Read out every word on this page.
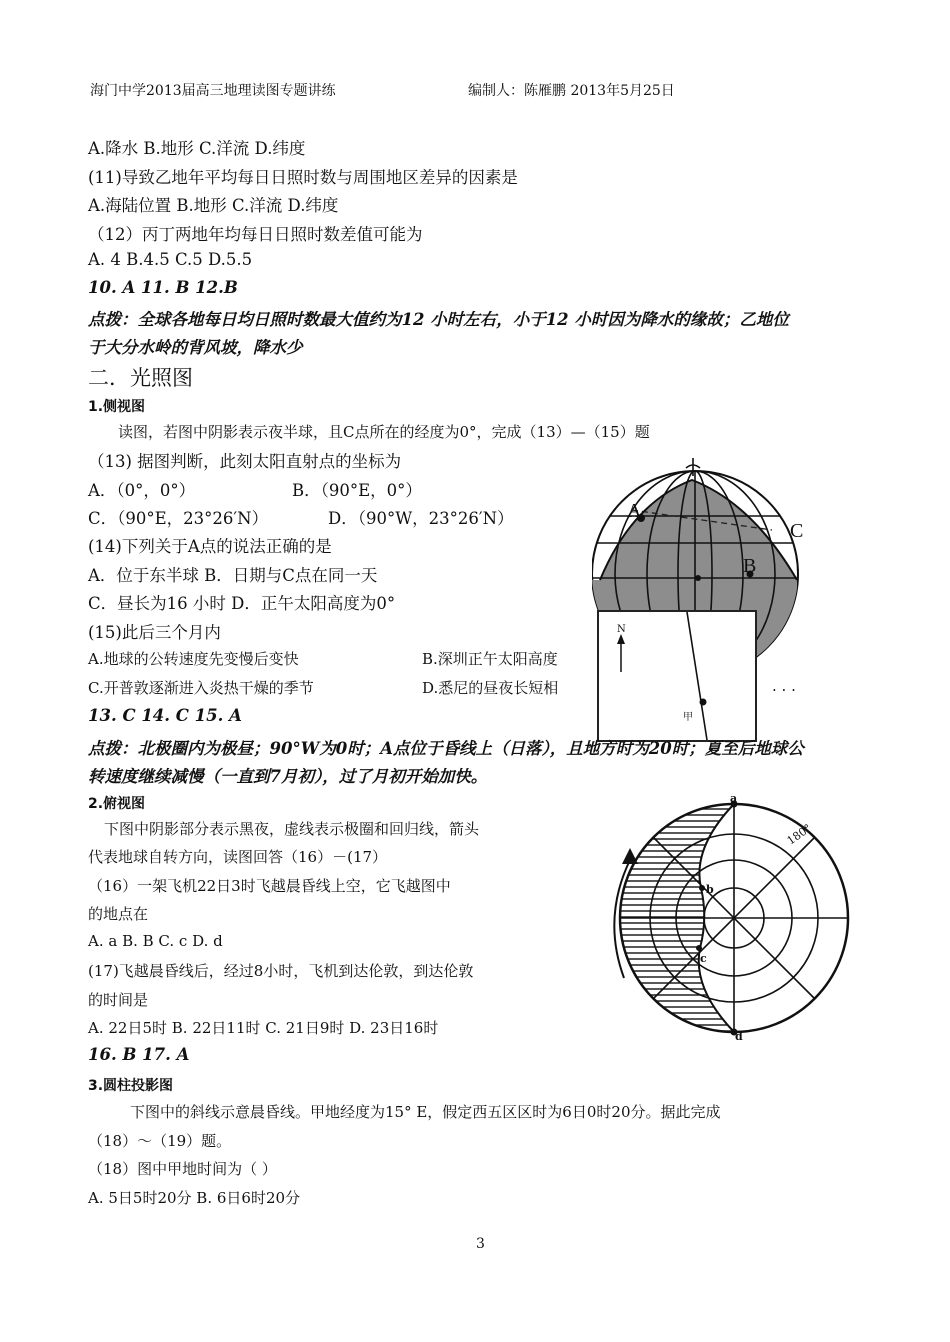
海门中学2013届高三地理读图专题讲练	编制人：陈雁鹏 2013年5月25日
A.降水 B.地形 C.洋流 D.纬度
(11)导致乙地年平均每日日照时数与周围地区差异的因素是
A.海陆位置 B.地形 C.洋流 D.纬度
（12）丙丁两地年均每日日照时数差值可能为
A. 4 B.4.5 C.5 D.5.5
10. A 11. B 12.B
点拨：全球各地每日均日照时数最大值约为12 小时左右，小于12 小时因为降水的缘故；乙地位
于大分水岭的背风坡，降水少
二．光照图
1.侧视图
读图，若图中阴影表示夜半球，且C点所在的经度为0°，完成（13）—（15）题
（13) 据图判断，此刻太阳直射点的坐标为
A．（0°，0°）	B．（90°E，0°）
C．（90°E，23°26′N）	D．（90°W，23°26′N）
(14)下列关于A点的说法正确的是
A．位于东半球 B．日期与C点在同一天
C．昼长为16 小时 D．正午太阳高度为0°
(15)此后三个月内
A.地球的公转速度先变慢后变快	B.深圳正午太阳高度
C.开普敦逐渐进入炎热干燥的季节	D.悉尼的昼夜长短相	. . .
A
C
B
N
甲
13. C 14. C 15. A
点拨：北极圈内为极昼；90°W为0时；A点位于昏线上（日落），且地方时为20时；夏至后地球公
转速度继续减慢（一直到7月初），过了月初开始加快。
2.俯视图
下图中阴影部分表示黑夜，虚线表示极圈和回归线，箭头
代表地球自转方向，读图回答（16）－(17）
（16）一架飞机22日3时飞越晨昏线上空，它飞越图中
的地点在
A. a B. B C. c D. d
(17)飞越晨昏线后，经过8小时，飞机到达伦敦，到达伦敦
的时间是
A. 22日5时 B. 22日11时 C. 21日9时 D. 23日16时
16. B 17. A
a
b
c
d
180°
3.圆柱投影图
下图中的斜线示意晨昏线。甲地经度为15° E，假定西五区区时为6日0时20分。据此完成
（18）～（19）题。
（18）图中甲地时间为（ ）
A. 5日5时20分 B. 6日6时20分
3
